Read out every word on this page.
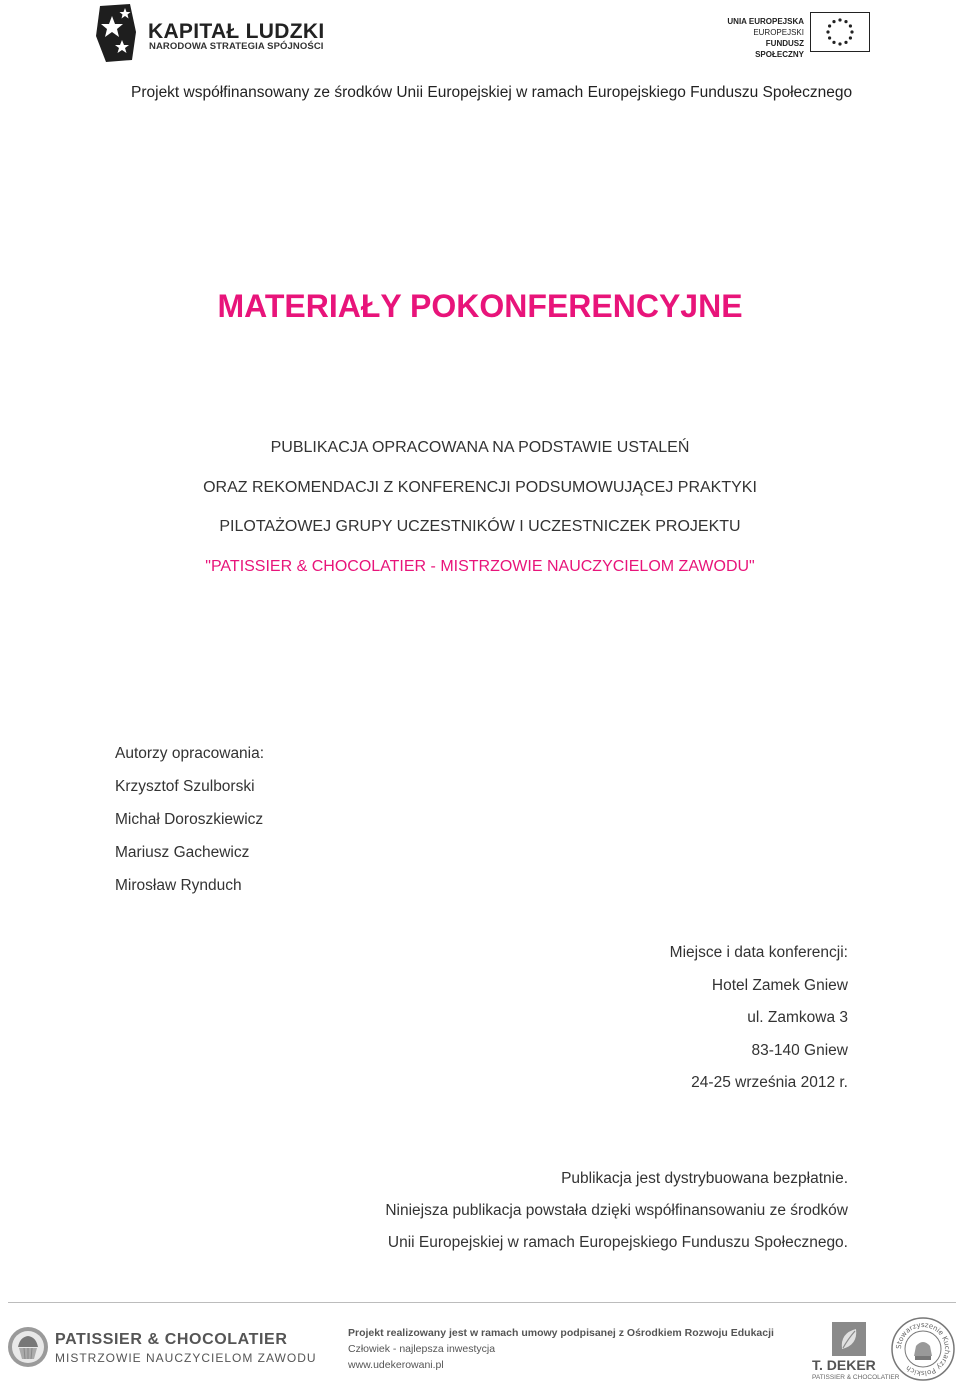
KAPITAŁ LUDZKI
NARODOWA STRATEGIA SPÓJNOŚCI
UNIA EUROPEJSKA
EUROPEJSKI
FUNDUSZ SPOŁECZNY
Projekt współfinansowany ze środków Unii Europejskiej w ramach Europejskiego Funduszu Społecznego
MATERIAŁY POKONFERENCYJNE
PUBLIKACJA OPRACOWANA NA PODSTAWIE USTALEŃ
ORAZ REKOMENDACJI Z KONFERENCJI PODSUMOWUJĄCEJ PRAKTYKI
PILOTAŻOWEJ GRUPY UCZESTNIKÓW I UCZESTNICZEK PROJEKTU
"PATISSIER & CHOCOLATIER - MISTRZOWIE NAUCZYCIELOM ZAWODU"
Autorzy opracowania:
Krzysztof Szulborski
Michał Doroszkiewicz
Mariusz Gachewicz
Mirosław Rynduch
Miejsce i data konferencji:
Hotel Zamek Gniew
ul. Zamkowa 3
83-140 Gniew
24-25 września 2012 r.
Publikacja jest dystrybuowana bezpłatnie.
Niniejsza publikacja powstała dzięki współfinansowaniu ze środków
Unii Europejskiej w ramach Europejskiego Funduszu Społecznego.
PATISSIER & CHOCOLATIER
MISTRZOWIE NAUCZYCIELOM ZAWODU
Projekt realizowany jest w ramach umowy podpisanej z Ośrodkiem Rozwoju Edukacji
Człowiek - najlepsza inwestycja
www.udekerowani.pl	T. DEKER
PATISSIER & CHOCOLATIER
Stowarzyszenie Kucharzy Polskich
